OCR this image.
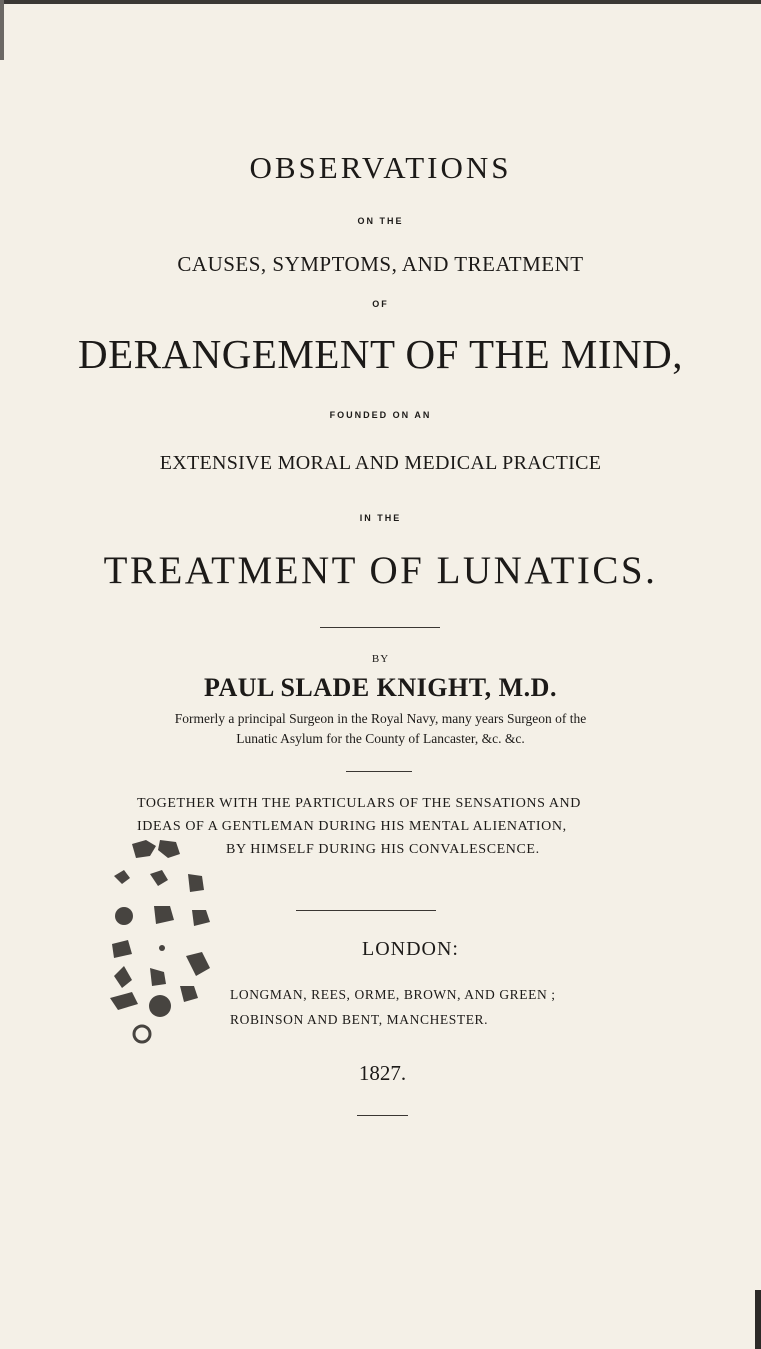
OBSERVATIONS
ON THE
CAUSES, SYMPTOMS, AND TREATMENT
OF
DERANGEMENT OF THE MIND,
FOUNDED ON AN
EXTENSIVE MORAL AND MEDICAL PRACTICE
IN THE
TREATMENT OF LUNATICS.
BY
PAUL SLADE KNIGHT, M.D.
Formerly a principal Surgeon in the Royal Navy, many years Surgeon of the
Lunatic Asylum for the County of Lancaster, &c. &c.
TOGETHER WITH THE PARTICULARS OF THE SENSATIONS AND
IDEAS OF A GENTLEMAN DURING HIS MENTAL ALIENATION,
BY HIMSELF DURING HIS CONVALESCENCE.
LONDON:
LONGMAN, REES, ORME, BROWN, AND GREEN ;
ROBINSON AND BENT, MANCHESTER.
1827.
